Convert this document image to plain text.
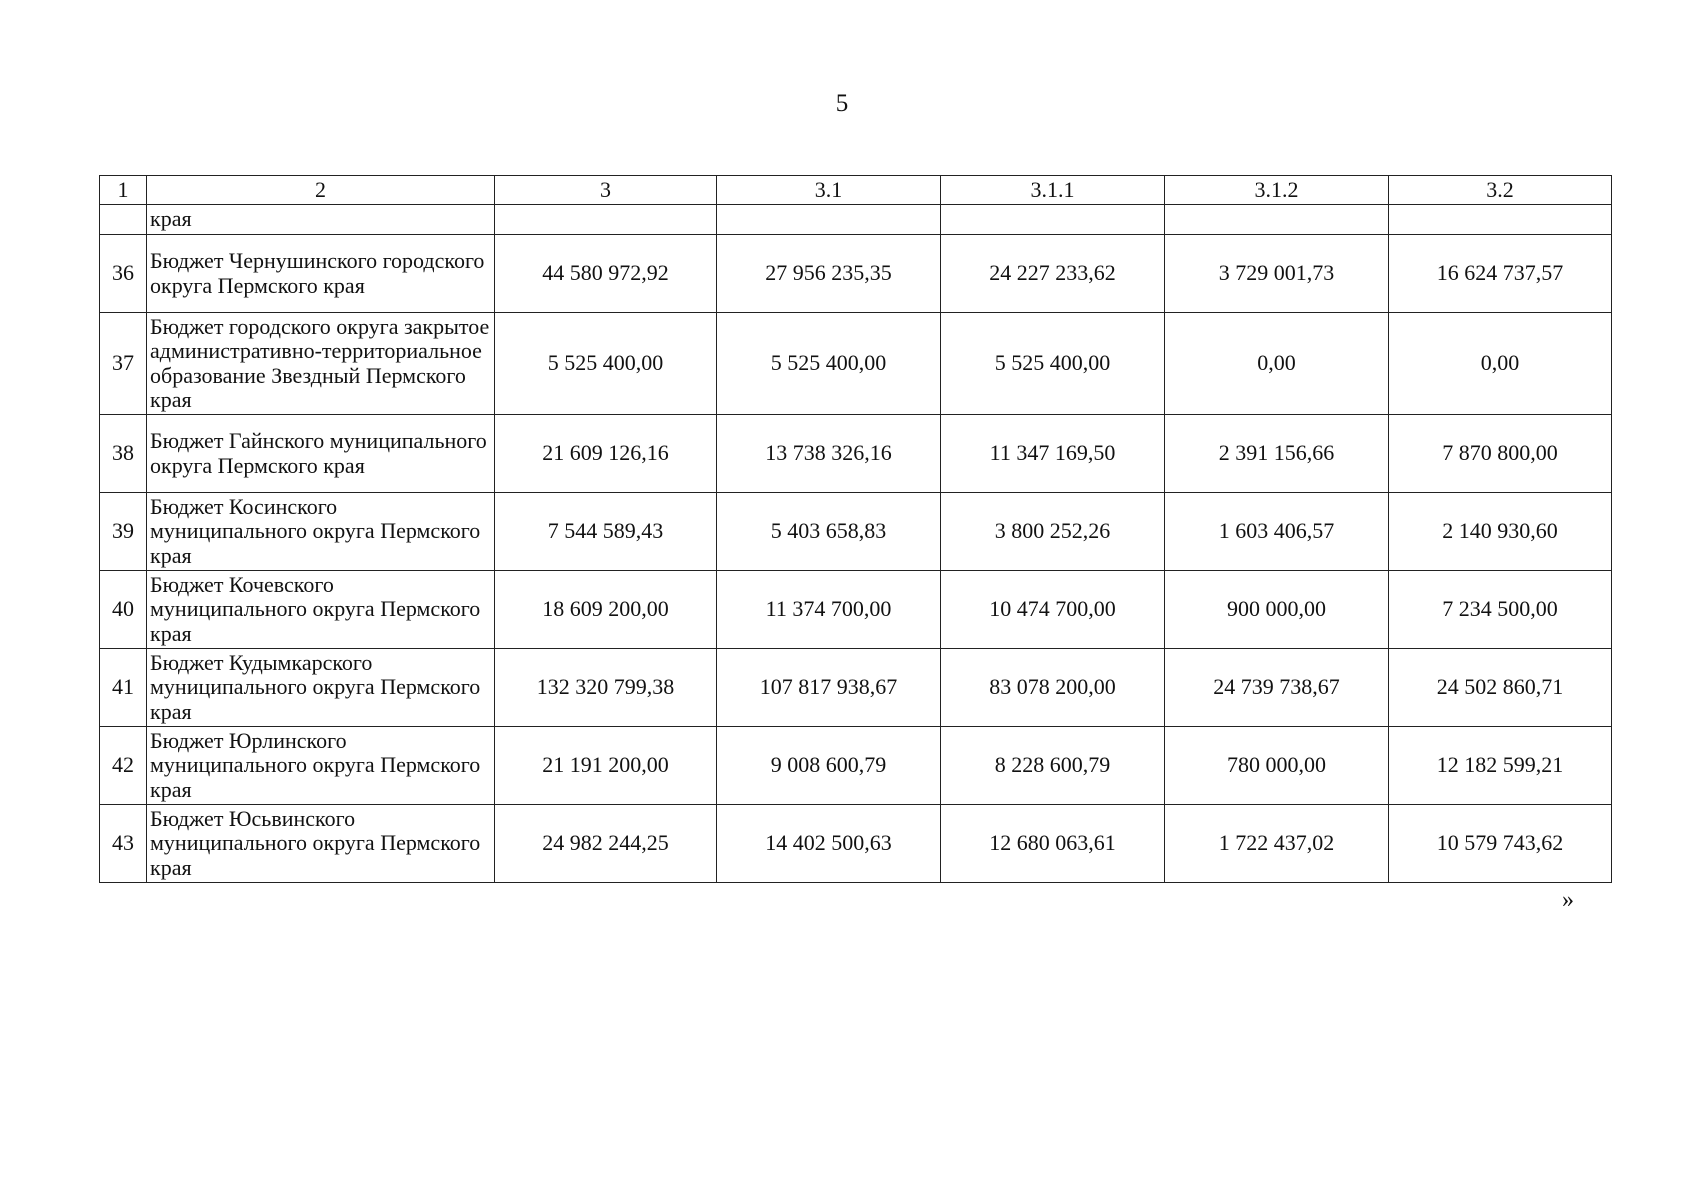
5
1	2	3	3.1	3.1.1	3.1.2	3.2
	края					
36	Бюджет Чернушинского городского округа Пермского края	44 580 972,92	27 956 235,35	24 227 233,62	3 729 001,73	16 624 737,57
37	Бюджет городского округа закрытое административно-территориальное образование Звездный Пермского края	5 525 400,00	5 525 400,00	5 525 400,00	0,00	0,00
38	Бюджет Гайнского муниципального округа Пермского края	21 609 126,16	13 738 326,16	11 347 169,50	2 391 156,66	7 870 800,00
39	Бюджет Косинского муниципального округа Пермского края	7 544 589,43	5 403 658,83	3 800 252,26	1 603 406,57	2 140 930,60
40	Бюджет Кочевского муниципального округа Пермского края	18 609 200,00	11 374 700,00	10 474 700,00	900 000,00	7 234 500,00
41	Бюджет Кудымкарского муниципального округа Пермского края	132 320 799,38	107 817 938,67	83 078 200,00	24 739 738,67	24 502 860,71
42	Бюджет Юрлинского муниципального округа Пермского края	21 191 200,00	9 008 600,79	8 228 600,79	780 000,00	12 182 599,21
43	Бюджет Юсьвинского муниципального округа Пермского края	24 982 244,25	14 402 500,63	12 680 063,61	1 722 437,02	10 579 743,62
»
